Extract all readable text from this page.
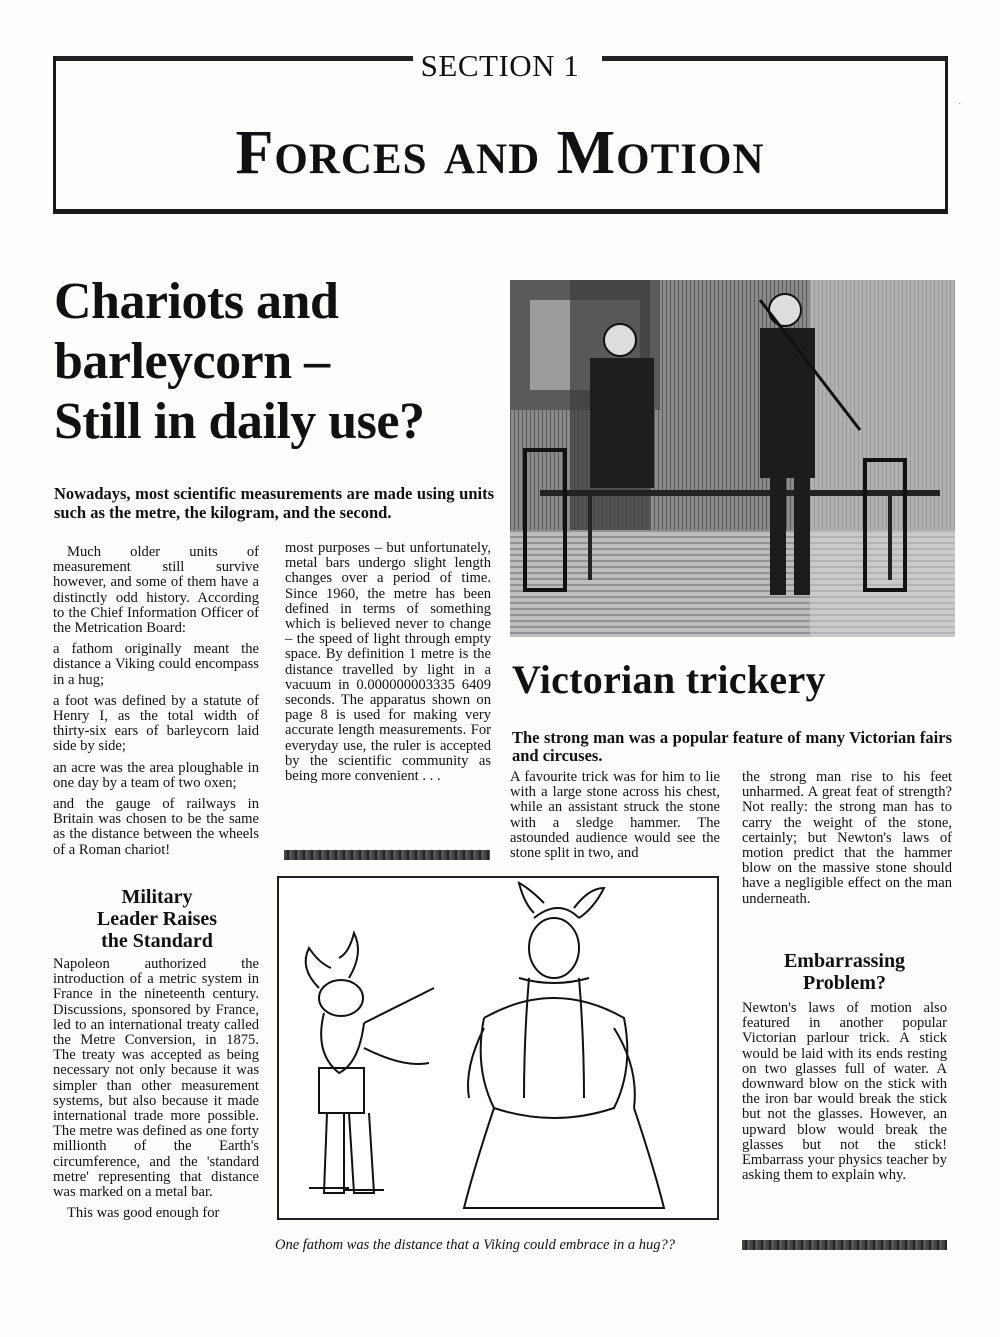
SECTION 1
Forces and Motion
˙
Chariots and
barleycorn –
Still in daily use?
Nowadays, most scientific measurements are made using units such as the metre, the kilogram, and the second.

Much older units of measurement still survive however, and some of them have a distinctly odd history. According to the Chief Information Officer of the Metrication Board:

a fathom originally meant the distance a Viking could encompass in a hug;

a foot was defined by a statute of Henry I, as the total width of thirty-six ears of barleycorn laid side by side;

an acre was the area ploughable in one day by a team of two oxen;

and the gauge of railways in Britain was chosen to be the same as the distance between the wheels of a Roman chariot!

most purposes – but unfortunately, metal bars undergo slight length changes over a period of time. Since 1960, the metre has been defined in terms of something which is believed never to change – the speed of light through empty space. By definition 1 metre is the distance travelled by light in a vacuum in 0.000000003335 6409 seconds. The apparatus shown on page 8 is used for making very accurate length measurements. For everyday use, the ruler is accepted by the scientific community as being more convenient . . .

Victorian trickery
The strong man was a popular feature of many Victorian fairs and circuses.

A favourite trick was for him to lie with a large stone across his chest, while an assistant struck the stone with a sledge hammer. The astounded audience would see the stone split in two, and

the strong man rise to his feet unharmed. A great feat of strength? Not really: the strong man has to carry the weight of the stone, certainly; but Newton's laws of motion predict that the hammer blow on the massive stone should have a negligible effect on the man underneath.

Military
Leader Raises
the Standard

Napoleon authorized the introduction of a metric system in France in the nineteenth century. Discussions, sponsored by France, led to an international treaty called the Metre Conversion, in 1875. The treaty was accepted as being necessary not only because it was simpler than other measurement systems, but also because it made international trade more possible. The metre was defined as one forty millionth of the Earth's circumference, and the 'standard metre' representing that distance was marked on a metal bar.

This was good enough for

One fathom was the distance that a Viking could embrace in a hug??
Embarrassing
Problem?

Newton's laws of motion also featured in another popular Victorian parlour trick. A stick would be laid with its ends resting on two glasses full of water. A downward blow on the stick with the iron bar would break the stick but not the glasses. However, an upward blow would break the glasses but not the stick! Embarrass your physics teacher by asking them to explain why.
